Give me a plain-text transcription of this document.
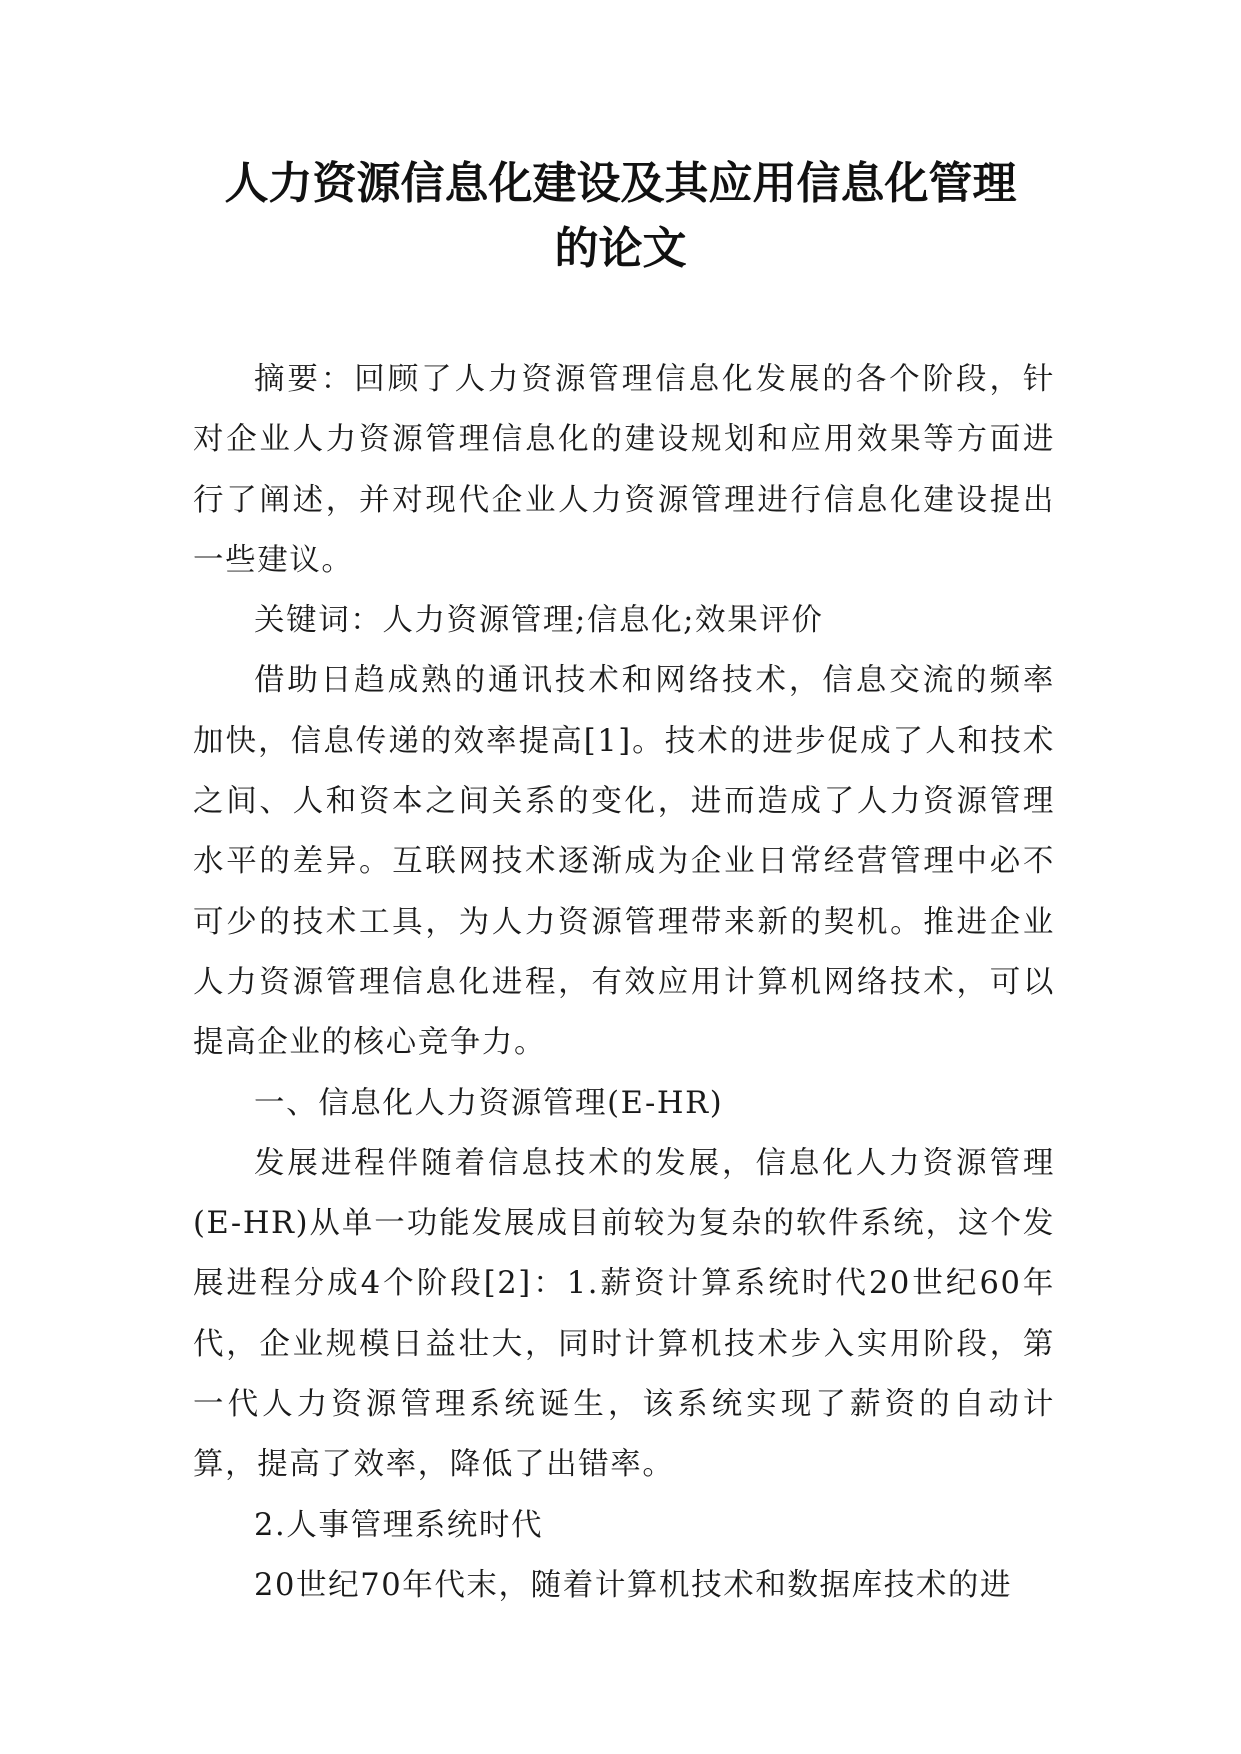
人力资源信息化建设及其应用信息化管理
的论文

摘要：回顾了人力资源管理信息化发展的各个阶段，针对企业人力资源管理信息化的建设规划和应用效果等方面进行了阐述，并对现代企业人力资源管理进行信息化建设提出一些建议。

关键词：人力资源管理;信息化;效果评价

借助日趋成熟的通讯技术和网络技术，信息交流的频率加快，信息传递的效率提高[1]。技术的进步促成了人和技术之间、人和资本之间关系的变化，进而造成了人力资源管理水平的差异。互联网技术逐渐成为企业日常经营管理中必不可少的技术工具，为人力资源管理带来新的契机。推进企业人力资源管理信息化进程，有效应用计算机网络技术，可以提高企业的核心竞争力。

一、信息化人力资源管理(E-HR)

发展进程伴随着信息技术的发展，信息化人力资源管理(E-HR)从单一功能发展成目前较为复杂的软件系统，这个发展进程分成4个阶段[2]：1.薪资计算系统时代20世纪60年代，企业规模日益壮大，同时计算机技术步入实用阶段，第一代人力资源管理系统诞生，该系统实现了薪资的自动计算，提高了效率，降低了出错率。

2.人事管理系统时代

20世纪70年代末，随着计算机技术和数据库技术的进
